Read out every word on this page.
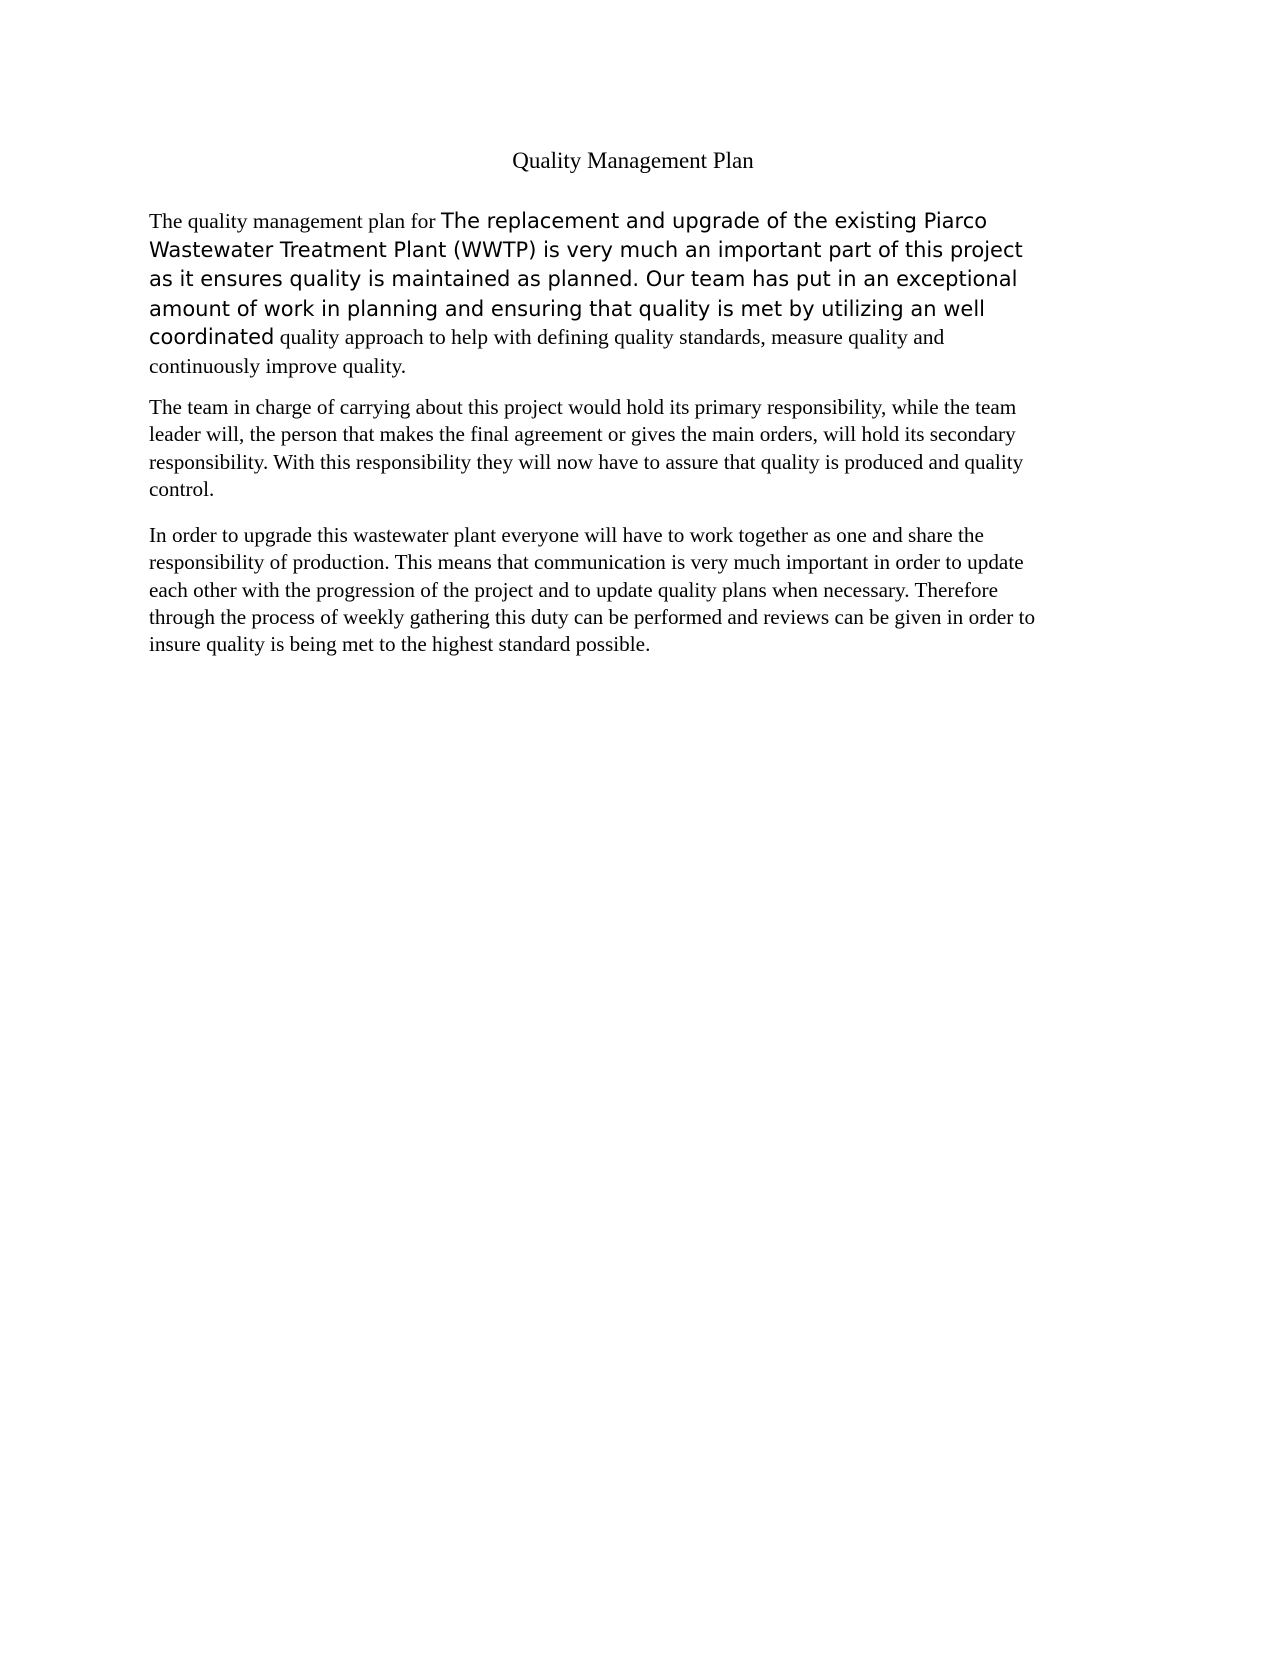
Quality Management Plan
The quality management plan for The replacement and upgrade of the existing Piarco
Wastewater Treatment Plant (WWTP) is very much an important part of this project
as it ensures quality is maintained as planned. Our team has put in an exceptional
amount of work in planning and ensuring that quality is met by utilizing an well
coordinated quality approach to help with defining quality standards, measure quality and
continuously improve quality.
The team in charge of carrying about this project would hold its primary responsibility, while the team
leader will, the person that makes the final agreement or gives the main orders, will hold its secondary
responsibility. With this responsibility they will now have to assure that quality is produced and quality
control.
In order to upgrade this wastewater plant everyone will have to work together as one and share the
responsibility of production. This means that communication is very much important in order to update
each other with the progression of the project and to update quality plans when necessary. Therefore
through the process of weekly gathering this duty can be performed and reviews can be given in order to
insure quality is being met to the highest standard possible.
